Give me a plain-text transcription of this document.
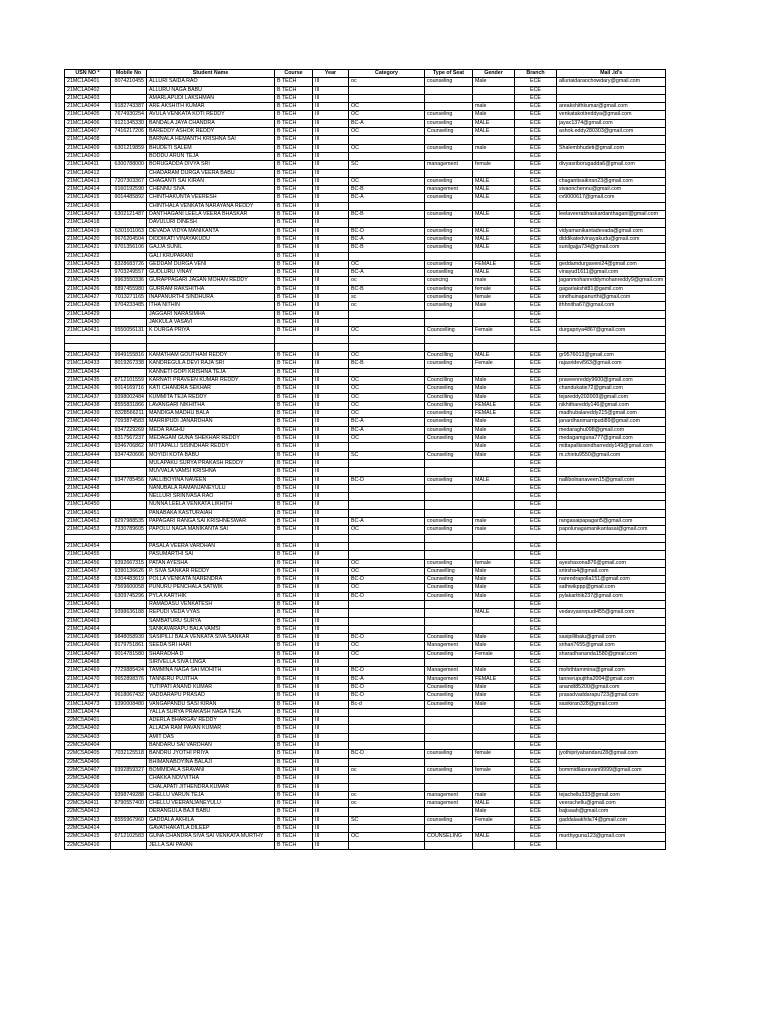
USN NO *	Mobile No	Student Name	Course	Year	Category	Type of Seat	Gender	Branch	Mail .Id's
21MC1A0401	8074210455	ALLURI SAIDA RAO	B TECH	III	oc	counseling	Male	ECE	alluriaidaraochowdary@gmail.com
21MC1A0402		ALLURU NAGA BABU	B TECH	III				ECE	
21MC1A0403		AMARLAPUDI LAKSHMAN	B TECH	III				ECE	
21MC1A0404	9182743387	ARE AKSHITH KUMAR	B TECH	III	OC		male	ECE	areakshithkumar@gmail.com
21MC1A0405	7674930254	AVULA VENKATA KOTI REDDY	B TECH	III	OC	counseling	Male	ECE	venkatakotireddya@gmail.com
21MC1A0406	9121345330	BANDALA JAYA CHANDRA	B TECH	III	BC-A	counseling	MALE	ECE	jayac1374@gmail.com
21MC1A0407	7416217206	BAREDDY ASHOK REDDY	B TECH	III	OC	Counseling	MALE	ECE	ashok.eddy280303@gmail.com
21MC1A0408		BARNALA HEMANTH KRISHNA SAI	B TECH	III				ECE	
21MC1A0409	6301219859	BHUDETI SALEM	B TECH	III	OC	counseling	male	ECE	Shalembhudeti@gmail.com
21MC1A0410		BODDU ARUN TEJA	B TECH	III				ECE	
21MC1A0411	6300788000	BORUGADDA DIVYA SRI	B TECH	III	SC	management	female	ECE	divyasriborugadda6@gmail.com
21MC1A0412		CHADARAM DURGA VEERA BABU	B TECH	III				ECE	
21MC1A0413	7207303367	CHAGANTI SAI KIRAN	B TECH	III	OC	counseling	MALE	ECE	chagantisaikiran23@gmail.com
21MC1A0414	9160192590	CHENNU SIVA	B TECH	III	BC-B	management	MALE	ECE	sivaonchennu@gmail.com
21MC1A0415	9014485892	CHINTHAKUNTA VEERESH	B TECH	III	BC-A	counseling	MALE	ECE	cv9000617@gmail.com
21MC1A0416		CHINTHALA VENKATA NARAYANA REDDY	B TECH	III				ECE	
21MC1A0417	6302121487	DANTHAGANI LEELA VEERA BHASKAR	B TECH	III	BC-B	counseling	MALE	ECE	leelaveerabhaskardanthagani@gmail.com
21MC1A0418		DAVULURI DINESH	B TECH	III				ECE	
21MC1A0419	6301911063	DEVADA VIDYA MANIKANTA	B TECH	III	BC-D	counseling	MALE	ECE	vidyamanikantadevada@gmail.com
21MC1A0420	9676204504	DIDDIKATI VINAYAKUDU	B TECH	III	BC-A	counseling	MALE	ECE	diddikatedvinayakudu@gmail.com
21MC1A0421	9701356106	GAJJA SUNIL	B TECH	III	BC-B	counseling	MALE	ECE	sunilgajja734@gmail.com
21MC1A0422		GALI KRUPARANI	B TECH	III				ECE	
21MC1A0423	8328683726	GEDDAM DURGA VENI	B TECH	III	OC	counseling	FEMALE	ECE	geddamdurgaveni24@gmail.com
21MC1A0424	9703249557	GUDLURU VINAY	B TECH	III	BC-A	counselling	MALE	ECE	vinayud1611@gmail.com
21MC1A0425	9963550336	GURAPPAGARI JAGAN MOHAN REDDY	B TECH	III	oc	councing	male	ECE	jaganmohanreddymohanreddy9@gmail.com
21MC1A0426	8897455980	GURRAM RAKSHITHA	B TECH	III	BC-B	counseling	female	ECE	gagarlakshit81@gamil.com
21MC1A0427	7013271165	INAPANURTHI SINDHURA	B TECH	III	sc	counseling	female	ECE	sindhuinapanurthi@gmail.com
21MC1A0428	9704233485	ITHA NITHIN	B TECH	III	oc	counseling	Male	ECE	ithhnitha67@gmail.com
21MC1A0429		JAGGARI NARASIMHA	B TECH	III				ECE	
21MC1A0430		JAKKULA VASAVI	B TECH	III				ECE	
21MC1A0431	9550056131	K DURGA PRIYA	B TECH	III	OC	Councelling	Female	ECE	durgapriya4867@gmail.com

21MC1A0432	9949155816	KAMATHAM GOUTHAM REDDY	B TECH	III	OC	Councilling	MALE	ECE	gr9576013@gmail.com
21MC1A0433	8019267338	KANDREGULA DEVI RAJA SRI	B TECH	III	BC-B	counseling	Female	ECE	rajasridevi563@gmail.com
21MC1A0434		KANNETI GOPI KRISHNA TEJA	B TECH	III				ECE	
21MC1A0435	8712101559	KARNATI PRAVEEN KUMAR REDDY	B TECH	III	OC	Councilling	Male	ECE	praveenreddy9600@gmail.com
21MC1A0436	9014169716	KATI CHANDRA SEKHAR	B TECH	III	OC	Counseling	Male	ECE	chandukatie72@gmail.com
21MC1A0437	9398002484	KUMMITA TEJA REDDY	B TECH	III	OC	Councilling	Male	ECE	tejareddy202003@gmail.com
21MC1A0438	8555831866	LAVANGARI NIKHITHA	B TECH	III	OC	Councilling	FEMALE	ECE	nikhithareddy146@gmail.com
21MC1A0439	8328566211	MANDIGA MADHU BALA	B TECH	III	OC	counseling	FEMALE	ECE	madhubalareddy215@gmail.com
21MC1A0440	7093874583	MARRIPUDI JANARDHAN	B TECH	III	BC-A	counseling	Male	ECE	janardhanmarripudi89@gmail.com
21MC1A0441	9347229269	MEDA RAGHU	B TECH	III	BC-A	counseling	Male	ECE	medaraghu098@gmail.com
21MC1A0442	8317567237	MEDAGAM GUNA SHEKHAR REDDY	B TECH	III	OC	Counseling	Male	ECE	medagamguna777@gmail.com
21MC1A0443	9346706862	MITTAPALLI SISINDHAR REDDY	B TECH	III			Male	ECE	mittapallisisindharreddy149@gmail.com
21MC1A0444	9347420606	MOYIDI KOTA BABU	B TECH	III	SC	Counseling	Male	ECE	m.chintu9550@gmail.com
21MC1A0445		MULAPAKU SURYA PRAKASH REDDY	B TECH	III				ECE	
21MC1A0446		MUVVALA VAMSI KRISHNA	B TECH	III				ECE	
21MC1A0447	9347785456	NALLIBOYINA NAVEEN	B TECH	III	BC-D	counseling	MALE	ECE	nallibolnanaveen15@gmail.com
21MC1A0448		NANUBALA RAMANJANEYULU	B TECH	III				ECE	
21MC1A0449		NELLURI SRINIVASA RAO	B TECH	III				ECE	
21MC1A0450		NUNNA LEELA VENKATA LIKHITH	B TECH	III				ECE	
21MC1A0451		PANABAKA KASTURAIAH	B TECH	III				ECE	
21MC1A0452	8297988535	PAPAGARI RANGA SAI KRISHNESWAR	B TECH	III	BC-A	counseling	male	ECE	rangasaipapagari5@gmail.com
21MC1A0453	7330789605	PAPOLU NAGA MANIKANTA SAI	B TECH	III	OC	counseling	male	ECE	papolunagamanikantasai@gmail.com

21MC1A0454		PASALA VEERA VARDHAN	B TECH	III				ECE	
21MC1A0455		PASUMARTHI SAI	B TECH	III				ECE	
21MC1A0456	9392667315	PATAN AYESHA	B TECH	III	OC	counseling	female	ECE	ayeshasona876@gmail.com
21MC1A0457	9390136626	P. SIVA SANKAR REDDY	B TECH	III	OC	Counselling	Male	ECE	sriirsha4@gmail.com
21MC1A0458	6304483619	POLLA VENKATA NARENDRA	B TECH	III	BC-D	Counseling	Male	ECE	narendrapolla151@gmail.com
21MC1A0459	7569600058	PUNURU PENCHALA SATWIK	B TECH	III	OC	Counseling	Male	ECE	sathwikppp@gmail.com
21MC1A0460	6309745296	PYLA KARTHIK	B TECH	III	BC-D	Counseling	Male	ECE	pylakarthik237@gmail.com
21MC1A0461		RAMADASU VENKATESH	B TECH	III				ECE	
21MC1A0462	9398636188	REPUDI VEDA VYAS	B TECH	III			MALE	ECE	vedavyasrepudi455@gmail.com
21MC1A0463		SAMBATURU SURYA	B TECH	III				ECE	
21MC1A0464		SANKAVARAPU BALA VAMSI	B TECH	III				ECE	
21MC1A0465	9848058930	SASIPILLI BALA VENKATA SIVA SANKAR	B TECH	III	BC-D	Counseling	Male	ECE	sasipillibalu@gmail.com
21MC1A0466	8179751861	SEEDA SRI HARI	B TECH	III	OC	Management	Male	ECE	srihari7655@gmail.com
21MC1A0467	9014781580	SHARADHA D	B TECH	III	OC	Counseling	Female	ECE	sharadhananda1580@gmail.com
21MC1A0468		SIRIVELLA SIVA LINGA	B TECH	III				ECE	
21MC1A0469	7729885424	TAMMINA NAGA SAI MOHITH	B TECH	III	BC-D	Management	Male	ECE	mohithtammina@gmail.com
21MC1A0470	9652898376	TANNERU PUJITHA	B TECH	III	BC-A	Management	FEMALE	ECE	tannerupujitha2004@gmail.com
21MC1A0471		TUTIPATI ANAND KUMAR	B TECH	III	BC-D	Counseling	Male	ECE	anandt85200@gmail.com
21MC1A0472	9618067432	VADDARAPU PRASAD	B TECH	III	BC-D	Counseling	Male	ECE	prasadvaddarapu723@gmail.com
21MC1A0473	9390008480	VANGAPANDU SASI KIRAN	B TECH	III	Bc-d	Counseling	Male	ECE	sasikiran328@gmail.com
21MC1A0474		YALLA SURYA PRAKASH NAGA TEJA	B TECH	III				ECE	
22MC5A0401		ADERLA BHARGAV REDDY	B TECH	III				ECE	
22MC5A0402		ALLADA RAM PAVAN KUMAR	B TECH	III				ECE	
22MC5A0403		AMIT DAS	B TECH	III				ECE	
22MC5A0404		BANDARU SAI VARDHAN	B TECH	III				ECE	
22MC5A0405	7032125518	BANDRU JYOTHI PRIYA	B TECH	III	BC-D	counseling	female	ECE	jyothipriyabandaru28@gmail.com
22MC5A0406		BHIMANABOYINA BALAJI	B TECH	III				ECE	
22MC5A0407	9392859327	BOMMIDALA SRAVANI	B TECH	III	oc	counseling	female	ECE	bommidilasravani9999@gmail.com
22MC5A0408		CHAKKA NOVVITHA	B TECH	III				ECE	
22MC5A0409		CHALAPATI JITHENDRA KUMAR	B TECH	III				ECE	
22MC5A0410	9398749288	CHELLU VARUN TEJA	B TECH	III	oc	management	male	ECE	tejachellu333@gmail.com
22MC5A0411	8790557400	CHELLU VEERANJANEYULU	B TECH	III	oc	management	MALE	ECE	veerachellu@gmail.com
22MC5A0412		DERANGULA BAJI BABU	B TECH	III			Male	ECE	bajisaah@gmail.com
22MC5A0413	8555967960	GADDALA AKHILA	B TECH	III	SC	counseling	Female	ECE	gaddalaakhila74@gmail.com
22MC5A0414		GAVATHAKATLA DILEEP	B TECH	III				ECE	
22MC5A0415	8712102583	GUNA CHANDRA SIVA SAI VENKATA MURTHY	B TECH	III	OC	COUNSELING	MALE	ECE	murthyguna123@gmail.com
22MC5A0416		JELLA SAI PAVAN	B TECH	III				ECE	
